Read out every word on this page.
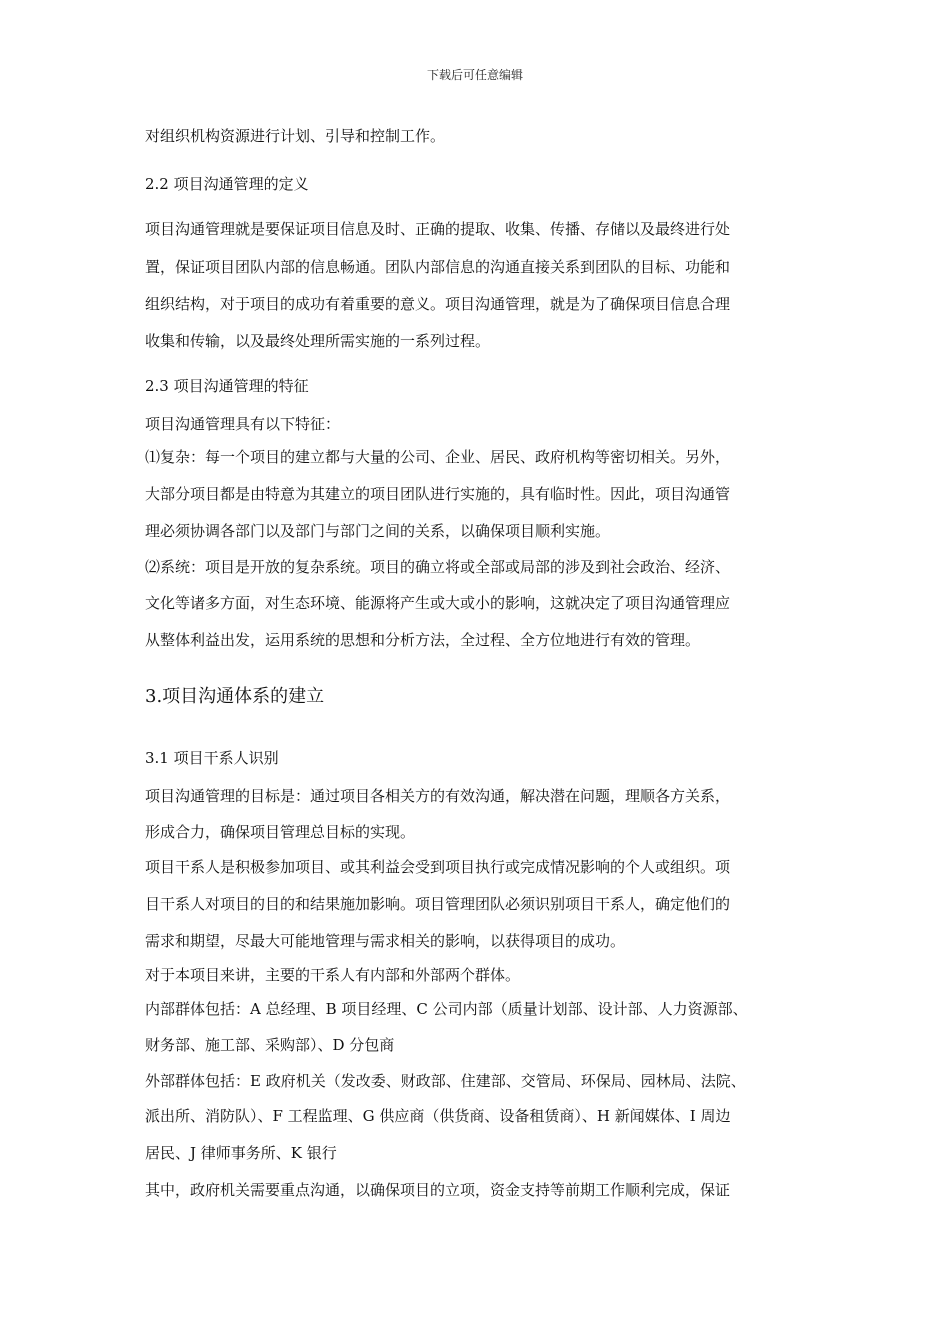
下载后可任意编辑
对组织机构资源进行计划、引导和控制工作。
2.2 项目沟通管理的定义
项目沟通管理就是要保证项目信息及时、正确的提取、收集、传播、存储以及最终进行处
置，保证项目团队内部的信息畅通。团队内部信息的沟通直接关系到团队的目标、功能和
组织结构，对于项目的成功有着重要的意义。项目沟通管理，就是为了确保项目信息合理
收集和传输，以及最终处理所需实施的一系列过程。
2.3 项目沟通管理的特征
项目沟通管理具有以下特征：
⑴复杂：每一个项目的建立都与大量的公司、企业、居民、政府机构等密切相关。另外，
大部分项目都是由特意为其建立的项目团队进行实施的，具有临时性。因此，项目沟通管
理必须协调各部门以及部门与部门之间的关系，以确保项目顺利实施。
⑵系统：项目是开放的复杂系统。项目的确立将或全部或局部的涉及到社会政治、经济、
文化等诸多方面，对生态环境、能源将产生或大或小的影响，这就决定了项目沟通管理应
从整体利益出发，运用系统的思想和分析方法，全过程、全方位地进行有效的管理。
3.项目沟通体系的建立
3.1 项目干系人识别
项目沟通管理的目标是：通过项目各相关方的有效沟通，解决潜在问题，理顺各方关系，
形成合力，确保项目管理总目标的实现。
项目干系人是积极参加项目、或其利益会受到项目执行或完成情况影响的个人或组织。项
目干系人对项目的目的和结果施加影响。项目管理团队必须识别项目干系人，确定他们的
需求和期望，尽最大可能地管理与需求相关的影响，以获得项目的成功。
对于本项目来讲，主要的干系人有内部和外部两个群体。
内部群体包括：A 总经理、B 项目经理、C 公司内部（质量计划部、设计部、人力资源部、
财务部、施工部、采购部）、D 分包商
外部群体包括：E 政府机关（发改委、财政部、住建部、交管局、环保局、园林局、法院、
派出所、消防队）、F 工程监理、G 供应商（供货商、设备租赁商）、H 新闻媒体、I 周边
居民、J 律师事务所、K 银行
其中，政府机关需要重点沟通，以确保项目的立项，资金支持等前期工作顺利完成，保证
